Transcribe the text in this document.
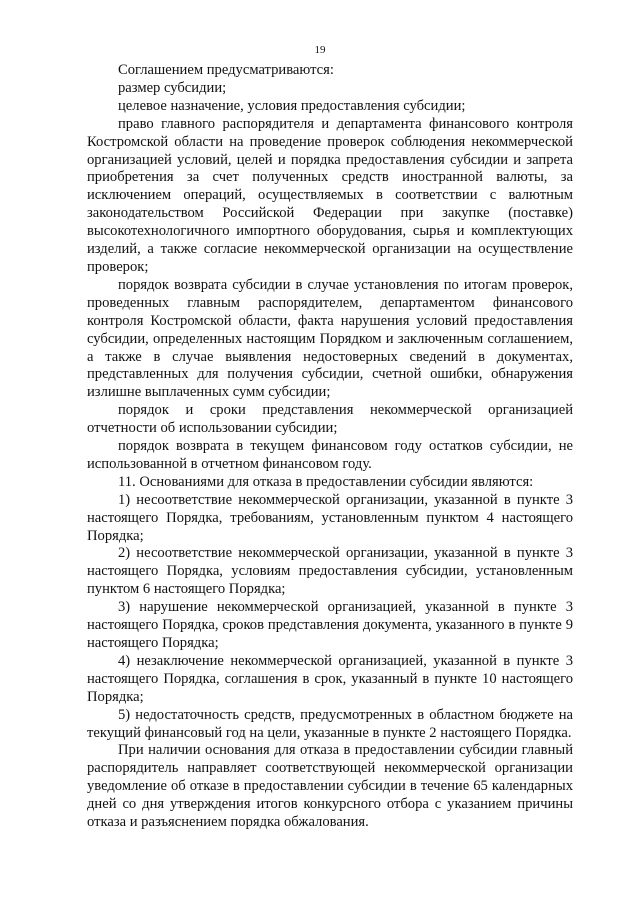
19

Соглашением предусматриваются:

размер субсидии;

целевое назначение, условия предоставления субсидии;

право главного распорядителя и департамента финансового контроля Костромской области на проведение проверок соблюдения некоммерческой организацией условий, целей и порядка предоставления субсидии и запрета приобретения за счет полученных средств иностранной валюты, за исключением операций, осуществляемых в соответствии с валютным законодательством Российской Федерации при закупке (поставке) высокотехнологичного импортного оборудования, сырья и комплектующих изделий, а также согласие некоммерческой организации на осуществление проверок;

порядок возврата субсидии в случае установления по итогам проверок, проведенных главным распорядителем, департаментом финансового контроля Костромской области, факта нарушения условий предоставления субсидии, определенных настоящим Порядком и заключенным соглашением, а также в случае выявления недостоверных сведений в документах, представленных для получения субсидии, счетной ошибки, обнаружения излишне выплаченных сумм субсидии;

порядок и сроки представления некоммерческой организацией отчетности об использовании субсидии;

порядок возврата в текущем финансовом году остатков субсидии, не использованной в отчетном финансовом году.

11. Основаниями для отказа в предоставлении субсидии являются:

1) несоответствие некоммерческой организации, указанной в пункте 3 настоящего Порядка, требованиям, установленным пунктом 4 настоящего Порядка;

2) несоответствие некоммерческой организации, указанной в пункте 3 настоящего Порядка, условиям предоставления субсидии, установленным пунктом 6 настоящего Порядка;

3) нарушение некоммерческой организацией, указанной в пункте 3 настоящего Порядка, сроков представления документа, указанного в пункте 9 настоящего Порядка;

4) незаключение некоммерческой организацией, указанной в пункте 3 настоящего Порядка, соглашения в срок, указанный в пункте 10 настоящего Порядка;

5) недостаточность средств, предусмотренных в областном бюджете на текущий финансовый год на цели, указанные в пункте 2 настоящего Порядка.

При наличии основания для отказа в предоставлении субсидии главный распорядитель направляет соответствующей некоммерческой организации уведомление об отказе в предоставлении субсидии в течение 65 календарных дней со дня утверждения итогов конкурсного отбора с указанием причины отказа и разъяснением порядка обжалования.
